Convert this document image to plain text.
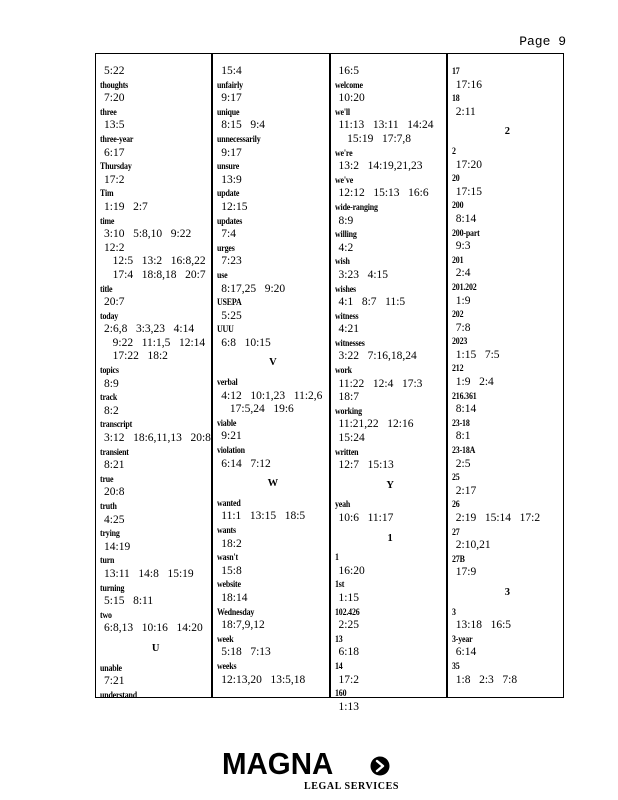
Page 9
5:22
thoughts
7:20
three
13:5
three-year
6:17
Thursday
17:2
Tim
1:19   2:7
time
3:10   5:8,10   9:22   12:2
12:5   13:2   16:8,22
17:4   18:8,18   20:7
title
20:7
today
2:6,8   3:3,23   4:14
9:22   11:1,5   12:14
17:22   18:2
topics
8:9
track
8:2
transcript
3:12   18:6,11,13   20:8
transient
8:21
true
20:8
truth
4:25
trying
14:19
turn
13:11   14:8   15:19
turning
5:15   8:11
two
6:8,13   10:16   14:20
U
unable
7:21
understand
15:4
unfairly
9:17
unique
8:15   9:4
unnecessarily
9:17
unsure
13:9
update
12:15
updates
7:4
urges
7:23
use
8:17,25   9:20
USEPA
5:25
UUU
6:8   10:15
V
verbal
4:12   10:1,23   11:2,6
17:5,24   19:6
viable
9:21
violation
6:14   7:12
W
wanted
11:1   13:15   18:5
wants
18:2
wasn't
15:8
website
18:14
Wednesday
18:7,9,12
week
5:18   7:13
weeks
12:13,20   13:5,18
16:5
welcome
10:20
we'll
11:13   13:11   14:24
15:19   17:7,8
we're
13:2   14:19,21,23
we've
12:12   15:13   16:6
wide-ranging
8:9
willing
4:2
wish
3:23   4:15
wishes
4:1   8:7   11:5
witness
4:21
witnesses
3:22   7:16,18,24
work
11:22   12:4   17:3   18:7
working
11:21,22   12:16   15:24
written
12:7   15:13
Y
yeah
10:6   11:17
1
1
16:20
1st
1:15
102.426
2:25
13
6:18
14
17:2
160
1:13
17
17:16
18
2:11
2
2
17:20
20
17:15
200
8:14
200-part
9:3
201
2:4
201.202
1:9
202
7:8
2023
1:15   7:5
212
1:9   2:4
216.361
8:14
23-18
8:1
23-18A
2:5
25
2:17
26
2:19   15:14   17:2
27
2:10,21
27B
17:9
3
3
13:18   16:5
3-year
6:14
35
1:8   2:3   7:8
MAGNA
LEGAL SERVICES
